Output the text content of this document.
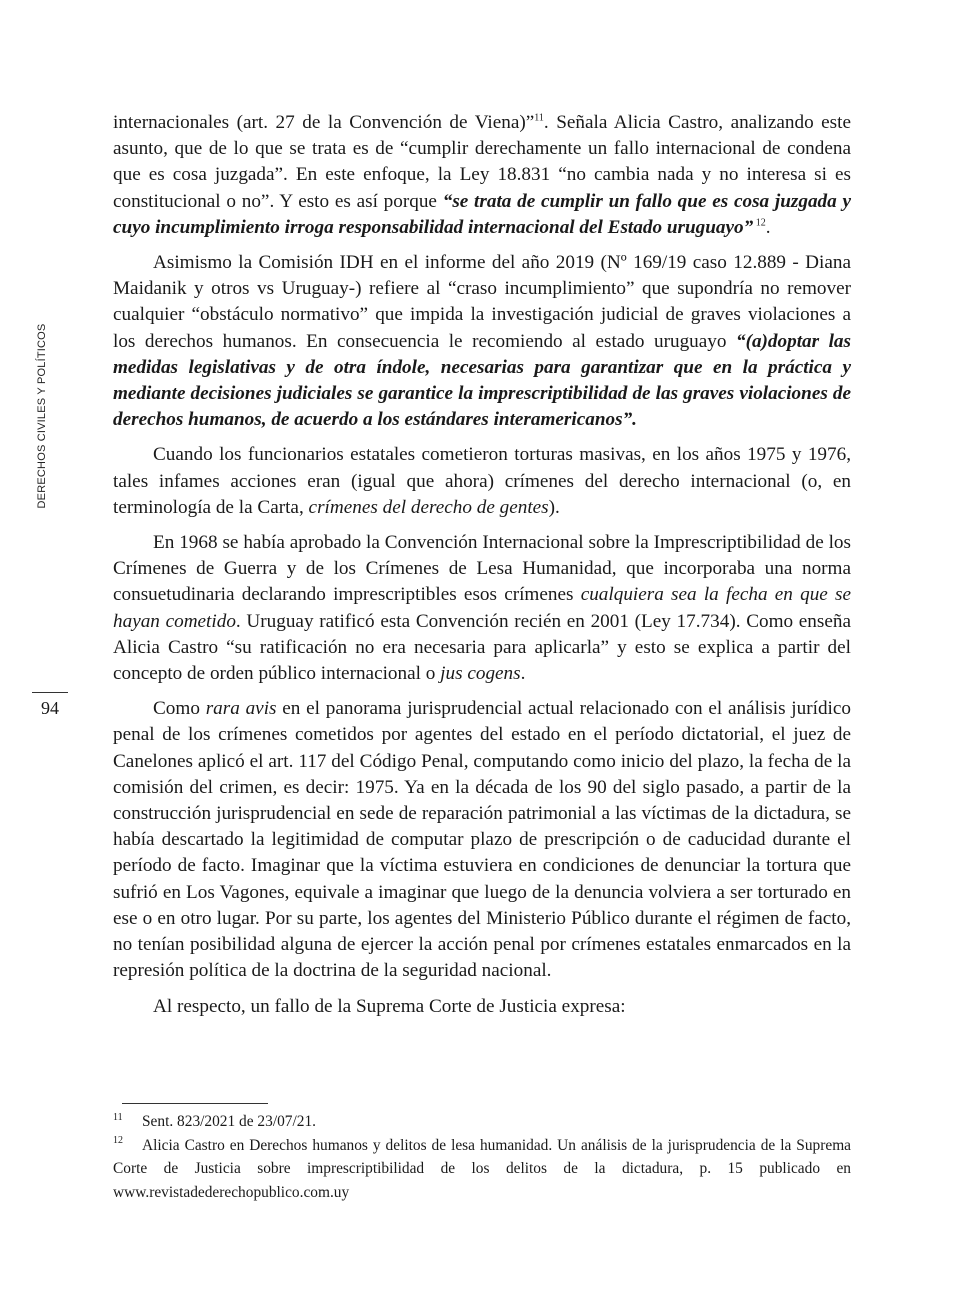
DERECHOS CIVILES Y POLÍTICOS
94

internacionales (art. 27 de la Convención de Viena)”$^{11}$. Señala Alicia Castro, analizando este asunto, que de lo que se trata es de “cumplir derechamente un fallo internacional de condena que es cosa juzgada”. En este enfoque, la Ley 18.831 “no cambia nada y no interesa si es constitucional o no”. Y esto es así porque “se trata de cumplir un fallo que es cosa juzgada y cuyo incumplimiento irroga responsabilidad internacional del Estado uruguayo” $^{12}$.

Asimismo la Comisión IDH en el informe del año 2019 (Nº 169/19 caso 12.889 - Diana Maidanik y otros vs Uruguay-) refiere al “craso incumplimiento” que supondría no remover cualquier “obstáculo normativo” que impida la investigación judicial de graves violaciones a los derechos humanos. En consecuencia le recomiendo al estado uruguayo “(a)doptar las medidas legislativas y de otra índole, necesarias para garantizar que en la práctica y mediante decisiones judiciales se garantice la imprescriptibilidad de las graves violaciones de derechos humanos, de acuerdo a los estándares interamericanos”.

Cuando los funcionarios estatales cometieron torturas masivas, en los años 1975 y 1976, tales infames acciones eran (igual que ahora) crímenes del derecho internacional (o, en terminología de la Carta, crímenes del derecho de gentes).

En 1968 se había aprobado la Convención Internacional sobre la Imprescriptibilidad de los Crímenes de Guerra y de los Crímenes de Lesa Humanidad, que incorporaba una norma consuetudinaria declarando imprescriptibles esos crímenes cualquiera sea la fecha en que se hayan cometido. Uruguay ratificó esta Convención recién en 2001 (Ley 17.734). Como enseña Alicia Castro “su ratificación no era necesaria para aplicarla” y esto se explica a partir del concepto de orden público internacional o jus cogens.

Como rara avis en el panorama jurisprudencial actual relacionado con el análisis jurídico penal de los crímenes cometidos por agentes del estado en el período dictatorial, el juez de Canelones aplicó el art. 117 del Código Penal, computando como inicio del plazo, la fecha de la comisión del crimen, es decir: 1975. Ya en la década de los 90 del siglo pasado, a partir de la construcción jurisprudencial en sede de reparación patrimonial a las víctimas de la dictadura, se había descartado la legitimidad de computar plazo de prescripción o de caducidad durante el período de facto. Imaginar que la víctima estuviera en condiciones de denunciar la tortura que sufrió en Los Vagones, equivale a imaginar que luego de la denuncia volviera a ser torturado en ese o en otro lugar. Por su parte, los agentes del Ministerio Público durante el régimen de facto, no tenían posibilidad alguna de ejercer la acción penal por crímenes estatales enmarcados en la represión política de la doctrina de la seguridad nacional.

Al respecto, un fallo de la Suprema Corte de Justicia expresa:

11 Sent. 823/2021 de 23/07/21.

12 Alicia Castro en Derechos humanos y delitos de lesa humanidad. Un análisis de la jurisprudencia de la Suprema Corte de Justicia sobre imprescriptibilidad de los delitos de la dictadura, p. 15 publicado en www.revistadederechopublico.com.uy
